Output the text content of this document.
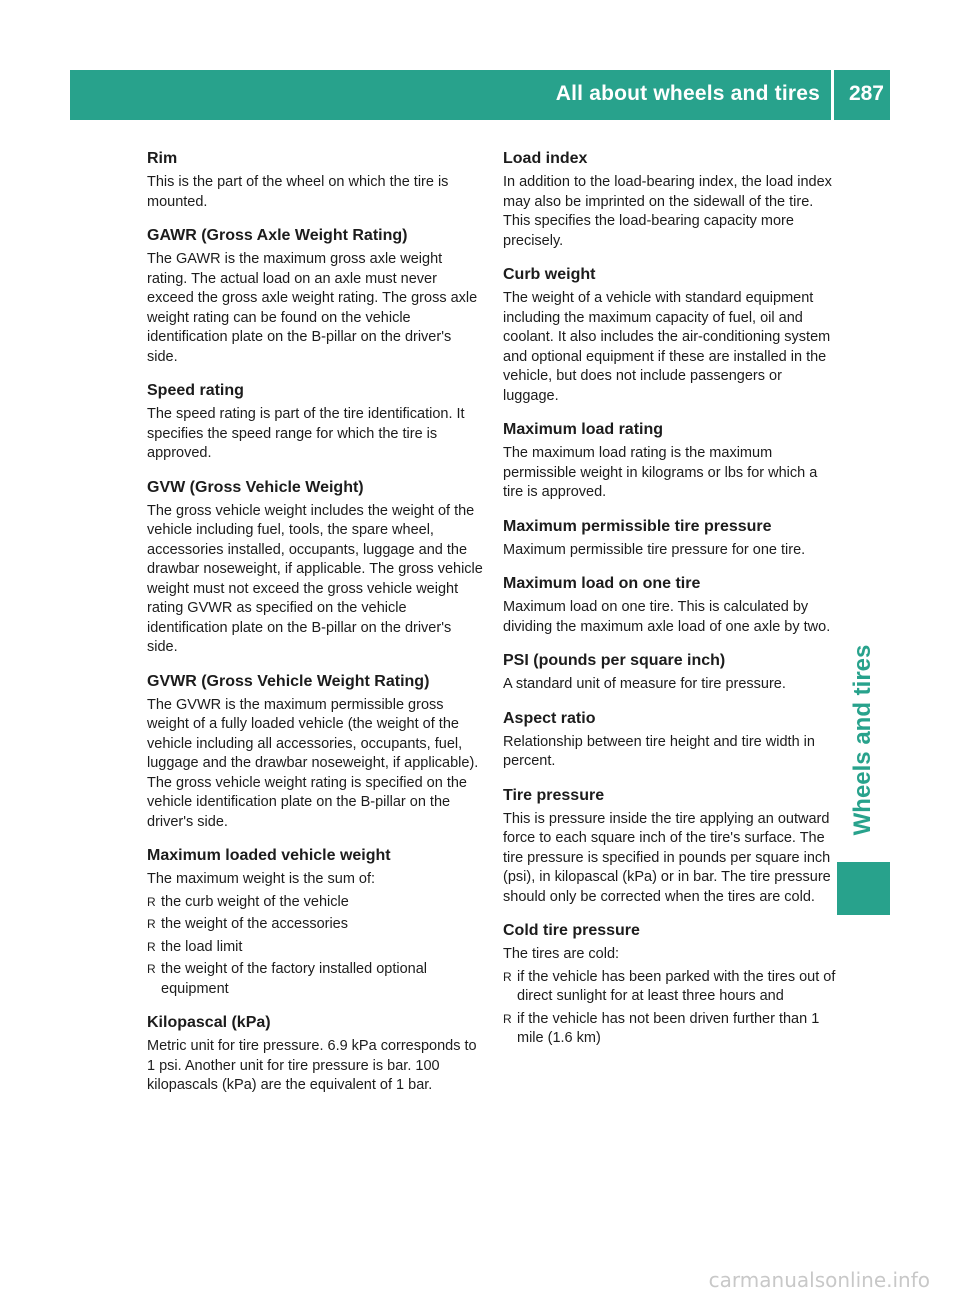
All about wheels and tires 287
Wheels and tires
Rim

This is the part of the wheel on which the tire is mounted.

GAWR (Gross Axle Weight Rating)

The GAWR is the maximum gross axle weight rating. The actual load on an axle must never exceed the gross axle weight rating. The gross axle weight rating can be found on the vehicle identification plate on the B-pillar on the driver's side.

Speed rating

The speed rating is part of the tire identification. It specifies the speed range for which the tire is approved.

GVW (Gross Vehicle Weight)

The gross vehicle weight includes the weight of the vehicle including fuel, tools, the spare wheel, accessories installed, occupants, luggage and the drawbar noseweight, if applicable. The gross vehicle weight must not exceed the gross vehicle weight rating GVWR as specified on the vehicle identification plate on the B-pillar on the driver's side.

GVWR (Gross Vehicle Weight Rating)

The GVWR is the maximum permissible gross weight of a fully loaded vehicle (the weight of the vehicle including all accessories, occupants, fuel, luggage and the drawbar noseweight, if applicable). The gross vehicle weight rating is specified on the vehicle identification plate on the B-pillar on the driver's side.

Maximum loaded vehicle weight

The maximum weight is the sum of:

R the curb weight of the vehicle
R the weight of the accessories
R the load limit
R the weight of the factory installed optional equipment
Kilopascal (kPa)

Metric unit for tire pressure. 6.9 kPa corresponds to 1 psi. Another unit for tire pressure is bar. 100 kilopascals (kPa) are the equivalent of 1 bar.

Load index

In addition to the load-bearing index, the load index may also be imprinted on the sidewall of the tire. This specifies the load-bearing capacity more precisely.

Curb weight

The weight of a vehicle with standard equipment including the maximum capacity of fuel, oil and coolant. It also includes the air-conditioning system and optional equipment if these are installed in the vehicle, but does not include passengers or luggage.

Maximum load rating

The maximum load rating is the maximum permissible weight in kilograms or lbs for which a tire is approved.

Maximum permissible tire pressure

Maximum permissible tire pressure for one tire.

Maximum load on one tire

Maximum load on one tire. This is calculated by dividing the maximum axle load of one axle by two.

PSI (pounds per square inch)

A standard unit of measure for tire pressure.

Aspect ratio

Relationship between tire height and tire width in percent.

Tire pressure

This is pressure inside the tire applying an outward force to each square inch of the tire's surface. The tire pressure is specified in pounds per square inch (psi), in kilopascal (kPa) or in bar. The tire pressure should only be corrected when the tires are cold.

Cold tire pressure

The tires are cold:

R if the vehicle has been parked with the tires out of direct sunlight for at least three hours and
R if the vehicle has not been driven further than 1 mile (1.6 km)
carmanualsonline.info
